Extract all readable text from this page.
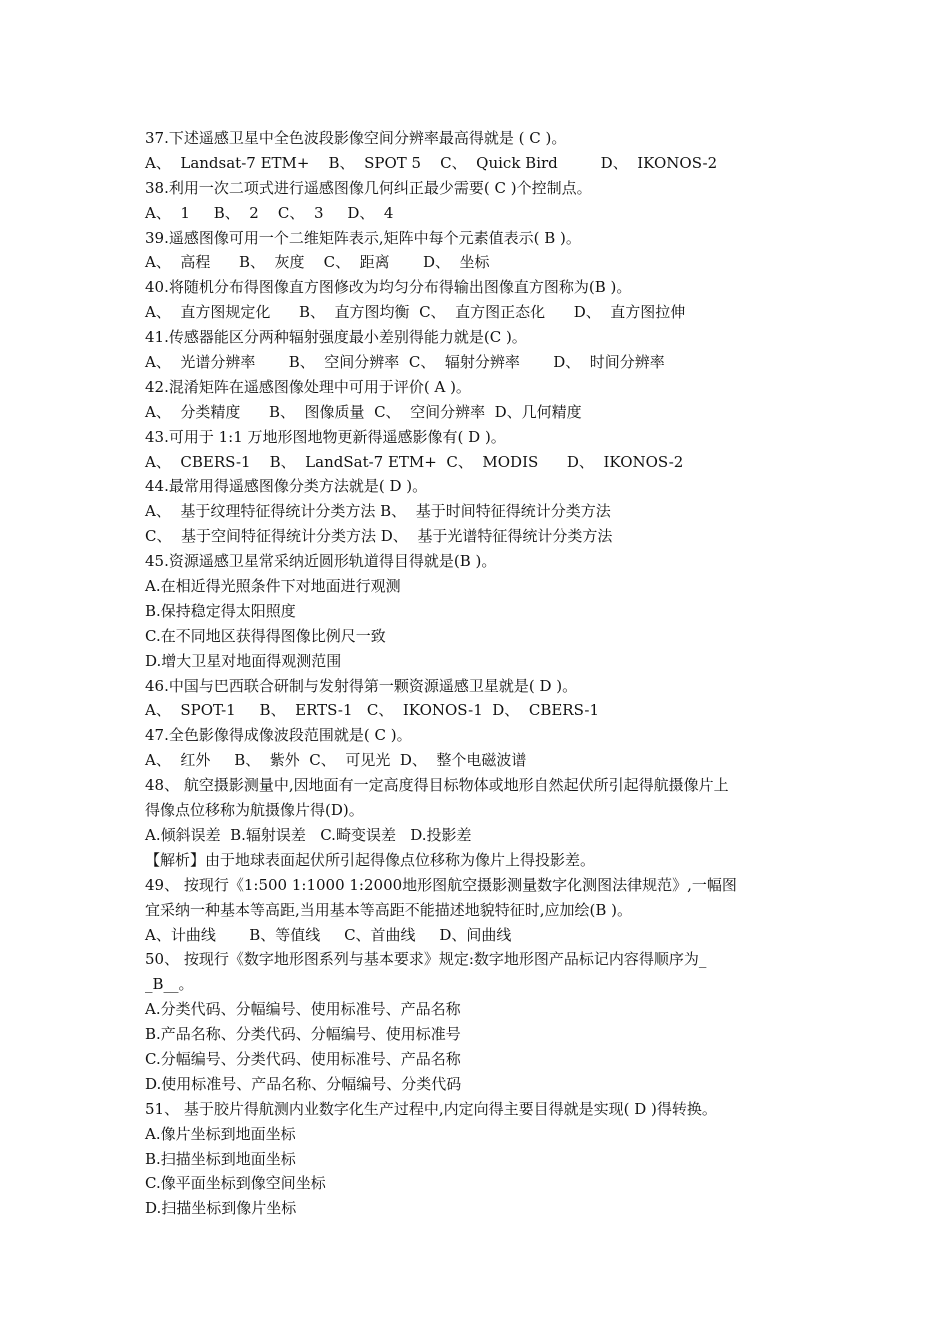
37.下述遥感卫星中全色波段影像空间分辨率最高得就是 ( C )。
A、  Landsat-7 ETM+    B、  SPOT 5    C、  Quick Bird         D、  IKONOS-2
38.利用一次二项式进行遥感图像几何纠正最少需要( C )个控制点。
A、  1     B、  2    C、  3     D、  4
39.遥感图像可用一个二维矩阵表示,矩阵中每个元素值表示( B )。
A、  高程      B、  灰度    C、  距离       D、  坐标
40.将随机分布得图像直方图修改为均匀分布得输出图像直方图称为(B )。
A、  直方图规定化      B、  直方图均衡  C、  直方图正态化      D、  直方图拉伸
41.传感器能区分两种辐射强度最小差别得能力就是(C )。
A、  光谱分辨率       B、  空间分辨率  C、  辐射分辨率       D、  时间分辨率
42.混淆矩阵在遥感图像处理中可用于评价( A )。
A、  分类精度      B、  图像质量  C、  空间分辨率  D、几何精度
43.可用于 1:1 万地形图地物更新得遥感影像有( D )。
A、  CBERS-1    B、  LandSat-7 ETM+  C、  MODIS      D、  IKONOS-2
44.最常用得遥感图像分类方法就是( D )。
A、  基于纹理特征得统计分类方法 B、  基于时间特征得统计分类方法
C、  基于空间特征得统计分类方法 D、  基于光谱特征得统计分类方法
45.资源遥感卫星常采纳近圆形轨道得目得就是(B )。
A.在相近得光照条件下对地面进行观测
B.保持稳定得太阳照度
C.在不同地区获得得图像比例尺一致
D.增大卫星对地面得观测范围
46.中国与巴西联合研制与发射得第一颗资源遥感卫星就是( D )。
A、  SPOT-1     B、  ERTS-1   C、  IKONOS-1  D、  CBERS-1
47.全色影像得成像波段范围就是( C )。
A、  红外     B、  紫外  C、  可见光  D、  整个电磁波谱
48、 航空摄影测量中,因地面有一定高度得目标物体或地形自然起伏所引起得航摄像片上
得像点位移称为航摄像片得(D)。
A.倾斜误差  B.辐射误差   C.畸变误差   D.投影差
【解析】由于地球表面起伏所引起得像点位移称为像片上得投影差。
49、 按现行《1:500 1:1000 1:2000地形图航空摄影测量数字化测图法律规范》,一幅图
宜采纳一种基本等高距,当用基本等高距不能描述地貌特征时,应加绘(B )。
A、计曲线       B、等值线     C、首曲线     D、间曲线
50、 按现行《数字地形图系列与基本要求》规定:数字地形图产品标记内容得顺序为_
_B__。
A.分类代码、分幅编号、使用标准号、产品名称
B.产品名称、分类代码、分幅编号、使用标准号
C.分幅编号、分类代码、使用标准号、产品名称
D.使用标准号、产品名称、分幅编号、分类代码
51、 基于胶片得航测内业数字化生产过程中,内定向得主要目得就是实现( D )得转换。
A.像片坐标到地面坐标
B.扫描坐标到地面坐标
C.像平面坐标到像空间坐标
D.扫描坐标到像片坐标
